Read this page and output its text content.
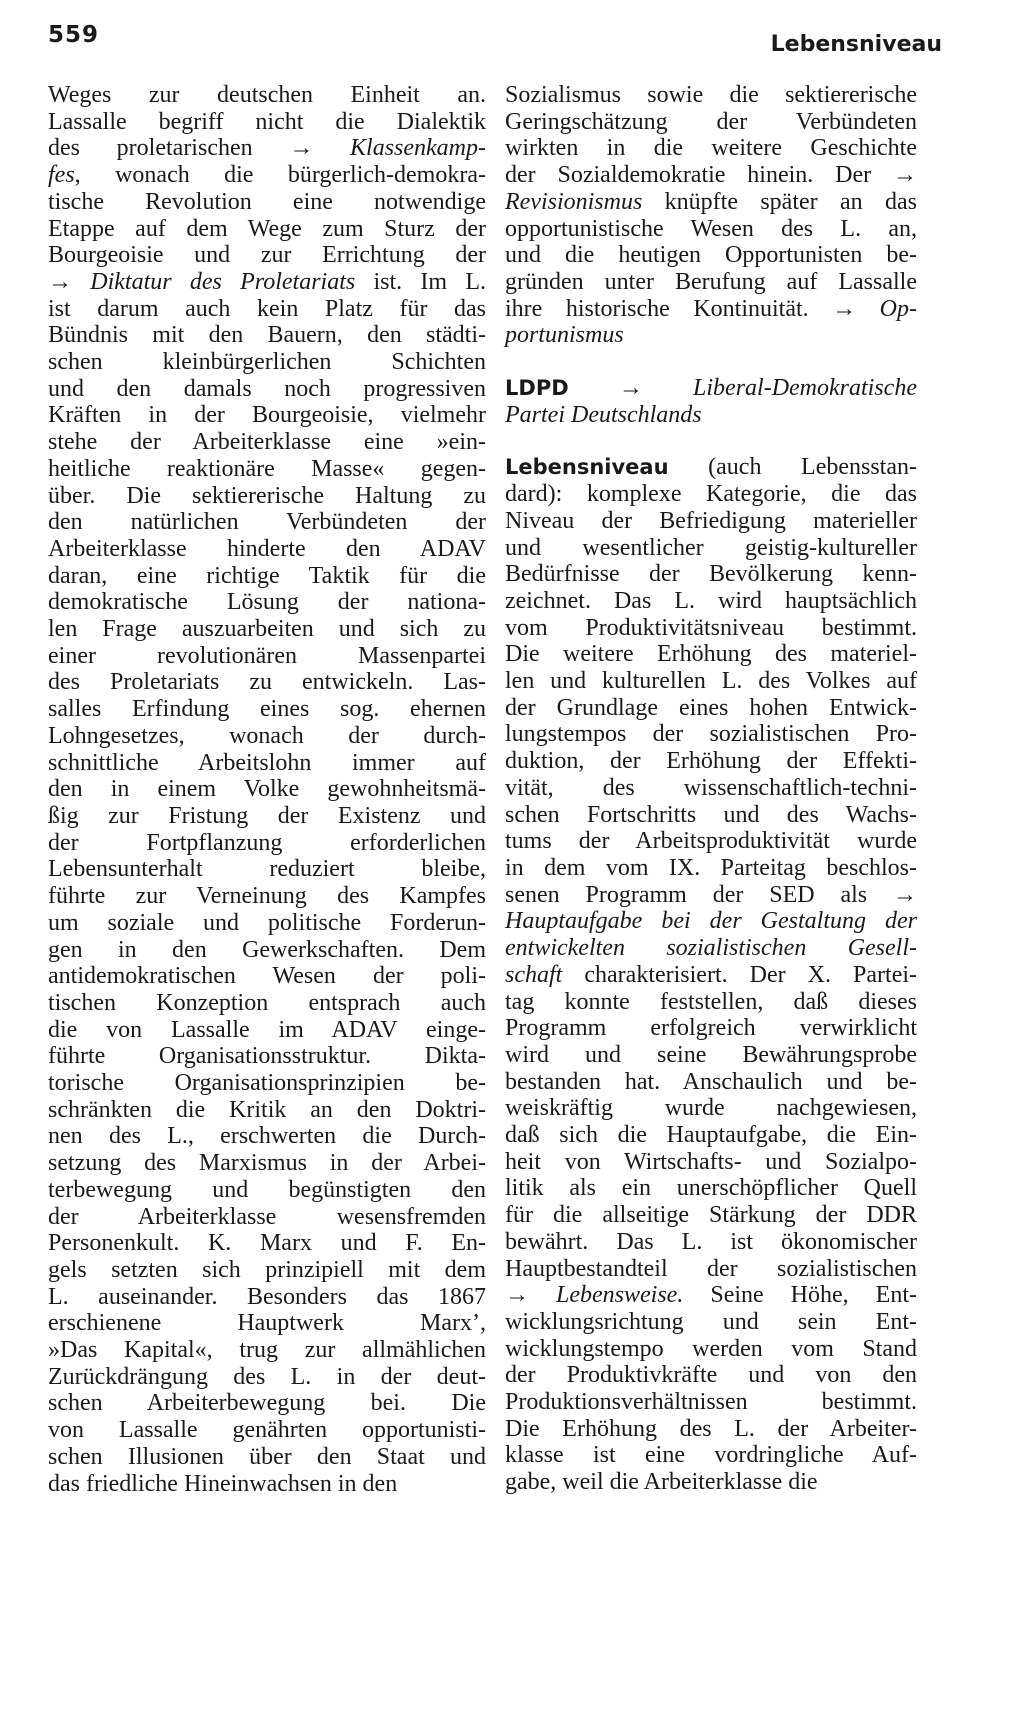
559	Lebensniveau
Weges zur deutschen Einheit an.
Lassalle begriff nicht die Dialektik
des proletarischen → Klassenkamp-
fes, wonach die bürgerlich-demokra-
tische Revolution eine notwendige
Etappe auf dem Wege zum Sturz der
Bourgeoisie und zur Errichtung der
→ Diktatur des Proletariats ist. Im L.
ist darum auch kein Platz für das
Bündnis mit den Bauern, den städti-
schen kleinbürgerlichen Schichten
und den damals noch progressiven
Kräften in der Bourgeoisie, vielmehr
stehe der Arbeiterklasse eine »ein-
heitliche reaktionäre Masse« gegen-
über. Die sektiererische Haltung zu
den natürlichen Verbündeten der
Arbeiterklasse hinderte den ADAV
daran, eine richtige Taktik für die
demokratische Lösung der nationa-
len Frage auszuarbeiten und sich zu
einer revolutionären Massenpartei
des Proletariats zu entwickeln. Las-
salles Erfindung eines sog. ehernen
Lohngesetzes, wonach der durch-
schnittliche Arbeitslohn immer auf
den in einem Volke gewohnheitsmä-
ßig zur Fristung der Existenz und
der Fortpflanzung erforderlichen
Lebensunterhalt reduziert bleibe,
führte zur Verneinung des Kampfes
um soziale und politische Forderun-
gen in den Gewerkschaften. Dem
antidemokratischen Wesen der poli-
tischen Konzeption entsprach auch
die von Lassalle im ADAV einge-
führte Organisationsstruktur. Dikta-
torische Organisationsprinzipien be-
schränkten die Kritik an den Doktri-
nen des L., erschwerten die Durch-
setzung des Marxismus in der Arbei-
terbewegung und begünstigten den
der Arbeiterklasse wesensfremden
Personenkult. K. Marx und F. En-
gels setzten sich prinzipiell mit dem
L. auseinander. Besonders das 1867
erschienene Hauptwerk Marx’,
»Das Kapital«, trug zur allmählichen
Zurückdrängung des L. in der deut-
schen Arbeiterbewegung bei. Die
von Lassalle genährten opportunisti-
schen Illusionen über den Staat und
das friedliche Hineinwachsen in den
Sozialismus sowie die sektiererische
Geringschätzung der Verbündeten
wirkten in die weitere Geschichte
der Sozialdemokratie hinein. Der →
Revisionismus knüpfte später an das
opportunistische Wesen des L. an,
und die heutigen Opportunisten be-
gründen unter Berufung auf Lassalle
ihre historische Kontinuität. → Op-
portunismus
LDPD → Liberal-Demokratische
Partei Deutschlands
Lebensniveau (auch Lebensstan-
dard): komplexe Kategorie, die das
Niveau der Befriedigung materieller
und wesentlicher geistig-kultureller
Bedürfnisse der Bevölkerung kenn-
zeichnet. Das L. wird hauptsächlich
vom Produktivitätsniveau bestimmt.
Die weitere Erhöhung des materiel-
len und kulturellen L. des Volkes auf
der Grundlage eines hohen Entwick-
lungstempos der sozialistischen Pro-
duktion, der Erhöhung der Effekti-
vität, des wissenschaftlich-techni-
schen Fortschritts und des Wachs-
tums der Arbeitsproduktivität wurde
in dem vom IX. Parteitag beschlos-
senen Programm der SED als →
Hauptaufgabe bei der Gestaltung der
entwickelten sozialistischen Gesell-
schaft charakterisiert. Der X. Partei-
tag konnte feststellen, daß dieses
Programm erfolgreich verwirklicht
wird und seine Bewährungsprobe
bestanden hat. Anschaulich und be-
weiskräftig wurde nachgewiesen,
daß sich die Hauptaufgabe, die Ein-
heit von Wirtschafts- und Sozialpo-
litik als ein unerschöpflicher Quell
für die allseitige Stärkung der DDR
bewährt. Das L. ist ökonomischer
Hauptbestandteil der sozialistischen
→ Lebensweise. Seine Höhe, Ent-
wicklungsrichtung und sein Ent-
wicklungstempo werden vom Stand
der Produktivkräfte und von den
Produktionsverhältnissen bestimmt.
Die Erhöhung des L. der Arbeiter-
klasse ist eine vordringliche Auf-
gabe, weil die Arbeiterklasse die
